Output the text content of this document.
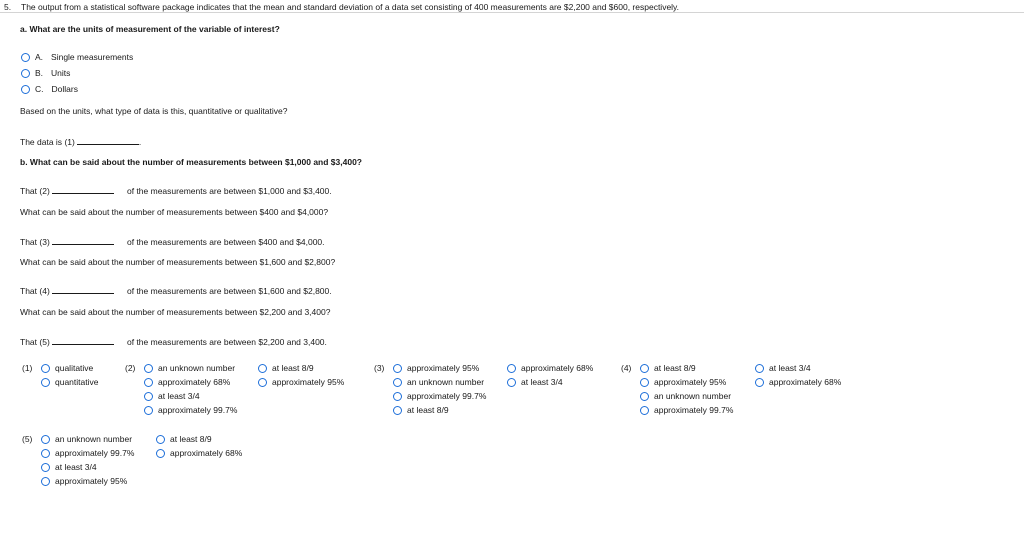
5. The output from a statistical software package indicates that the mean and standard deviation of a data set consisting of 400 measurements are $2,200 and $600, respectively.
a. What are the units of measurement of the variable of interest?
A. Single measurements
B. Units
C. Dollars
Based on the units, what type of data is this, quantitative or qualitative?
The data is (1)	.
b. What can be said about the number of measurements between $1,000 and $3,400?
That (2)	of the measurements are between $1,000 and $3,400.
What can be said about the number of measurements between $400 and $4,000?
That (3)	of the measurements are between $400 and $4,000.
What can be said about the number of measurements between $1,600 and $2,800?
That (4)	of the measurements are between $1,600 and $2,800.
What can be said about the number of measurements between $2,200 and 3,400?
That (5)	of the measurements are between $2,200 and 3,400.
(1)	qualitative
quantitative
(2)	an unknown number
approximately 68%
at least 3/4
approximately 99.7%
at least 8/9
approximately 95%
(3)	approximately 95%
an unknown number
approximately 99.7%
at least 8/9
approximately 68%
at least 3/4
(4)	at least 8/9
approximately 95%
an unknown number
approximately 99.7%
at least 3/4
approximately 68%
(5)	an unknown number
approximately 99.7%
at least 3/4
approximately 95%
at least 8/9
approximately 68%
